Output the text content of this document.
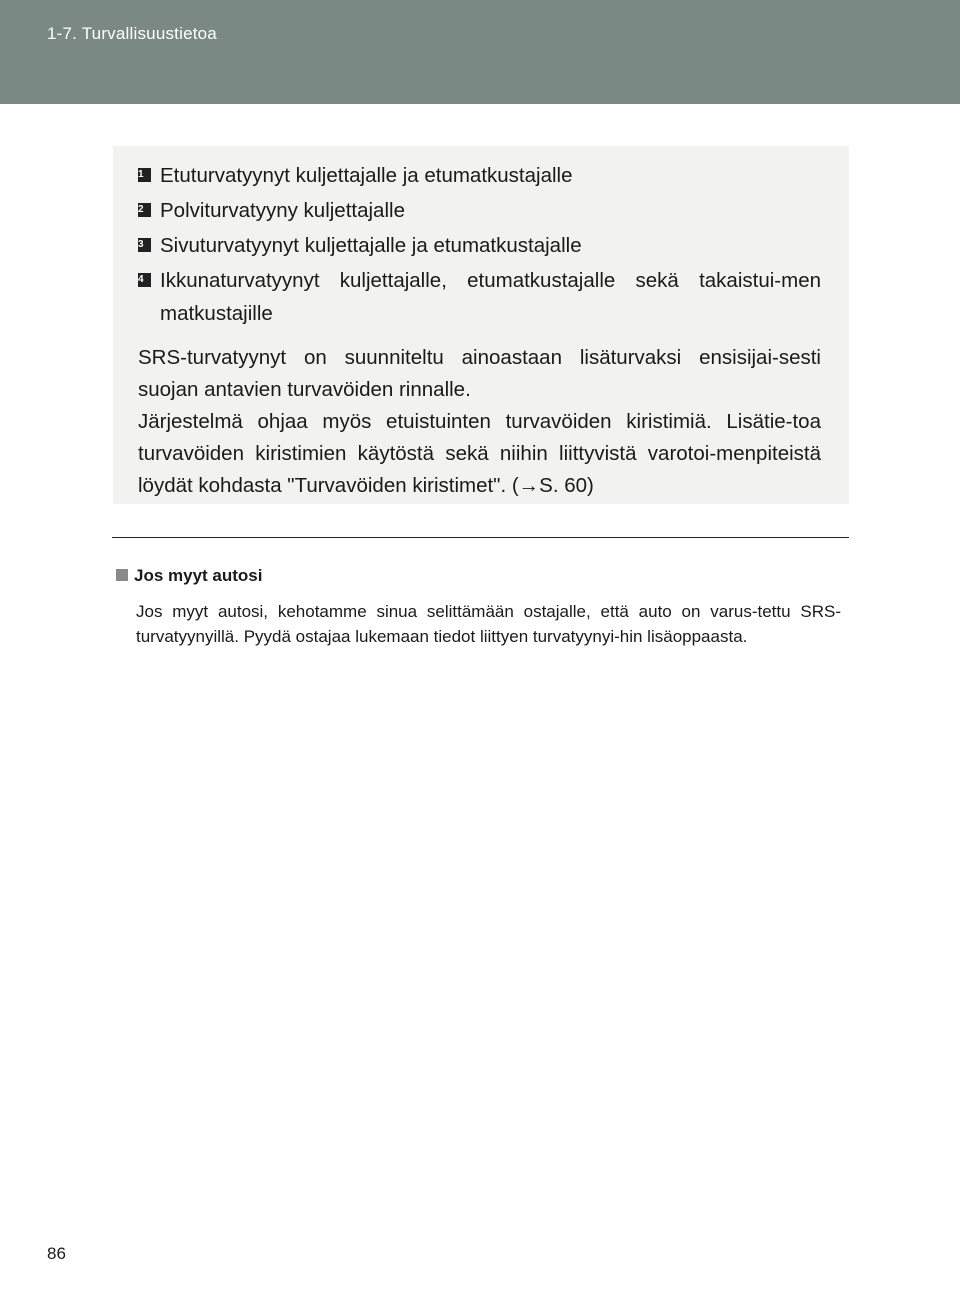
1-7. Turvallisuustietoa
1 Etuturvatyynyt kuljettajalle ja etumatkustajalle
2 Polviturvatyyny kuljettajalle
3 Sivuturvatyynyt kuljettajalle ja etumatkustajalle
4 Ikkunaturvatyynyt kuljettajalle, etumatkustajalle sekä takaistui-men matkustajille
SRS-turvatyynyt on suunniteltu ainoastaan lisäturvaksi ensisijai-sesti suojan antavien turvavöiden rinnalle.
Järjestelmä ohjaa myös etuistuinten turvavöiden kiristimiä. Lisätie-toa turvavöiden kiristimien käytöstä sekä niihin liittyvistä varotoi-menpiteistä löydät kohdasta "Turvavöiden kiristimet". (→S. 60)
Jos myyt autosi
Jos myyt autosi, kehotamme sinua selittämään ostajalle, että auto on varus-tettu SRS-turvatyynyillä. Pyydä ostajaa lukemaan tiedot liittyen turvatyynyi-hin lisäoppaasta.
86
